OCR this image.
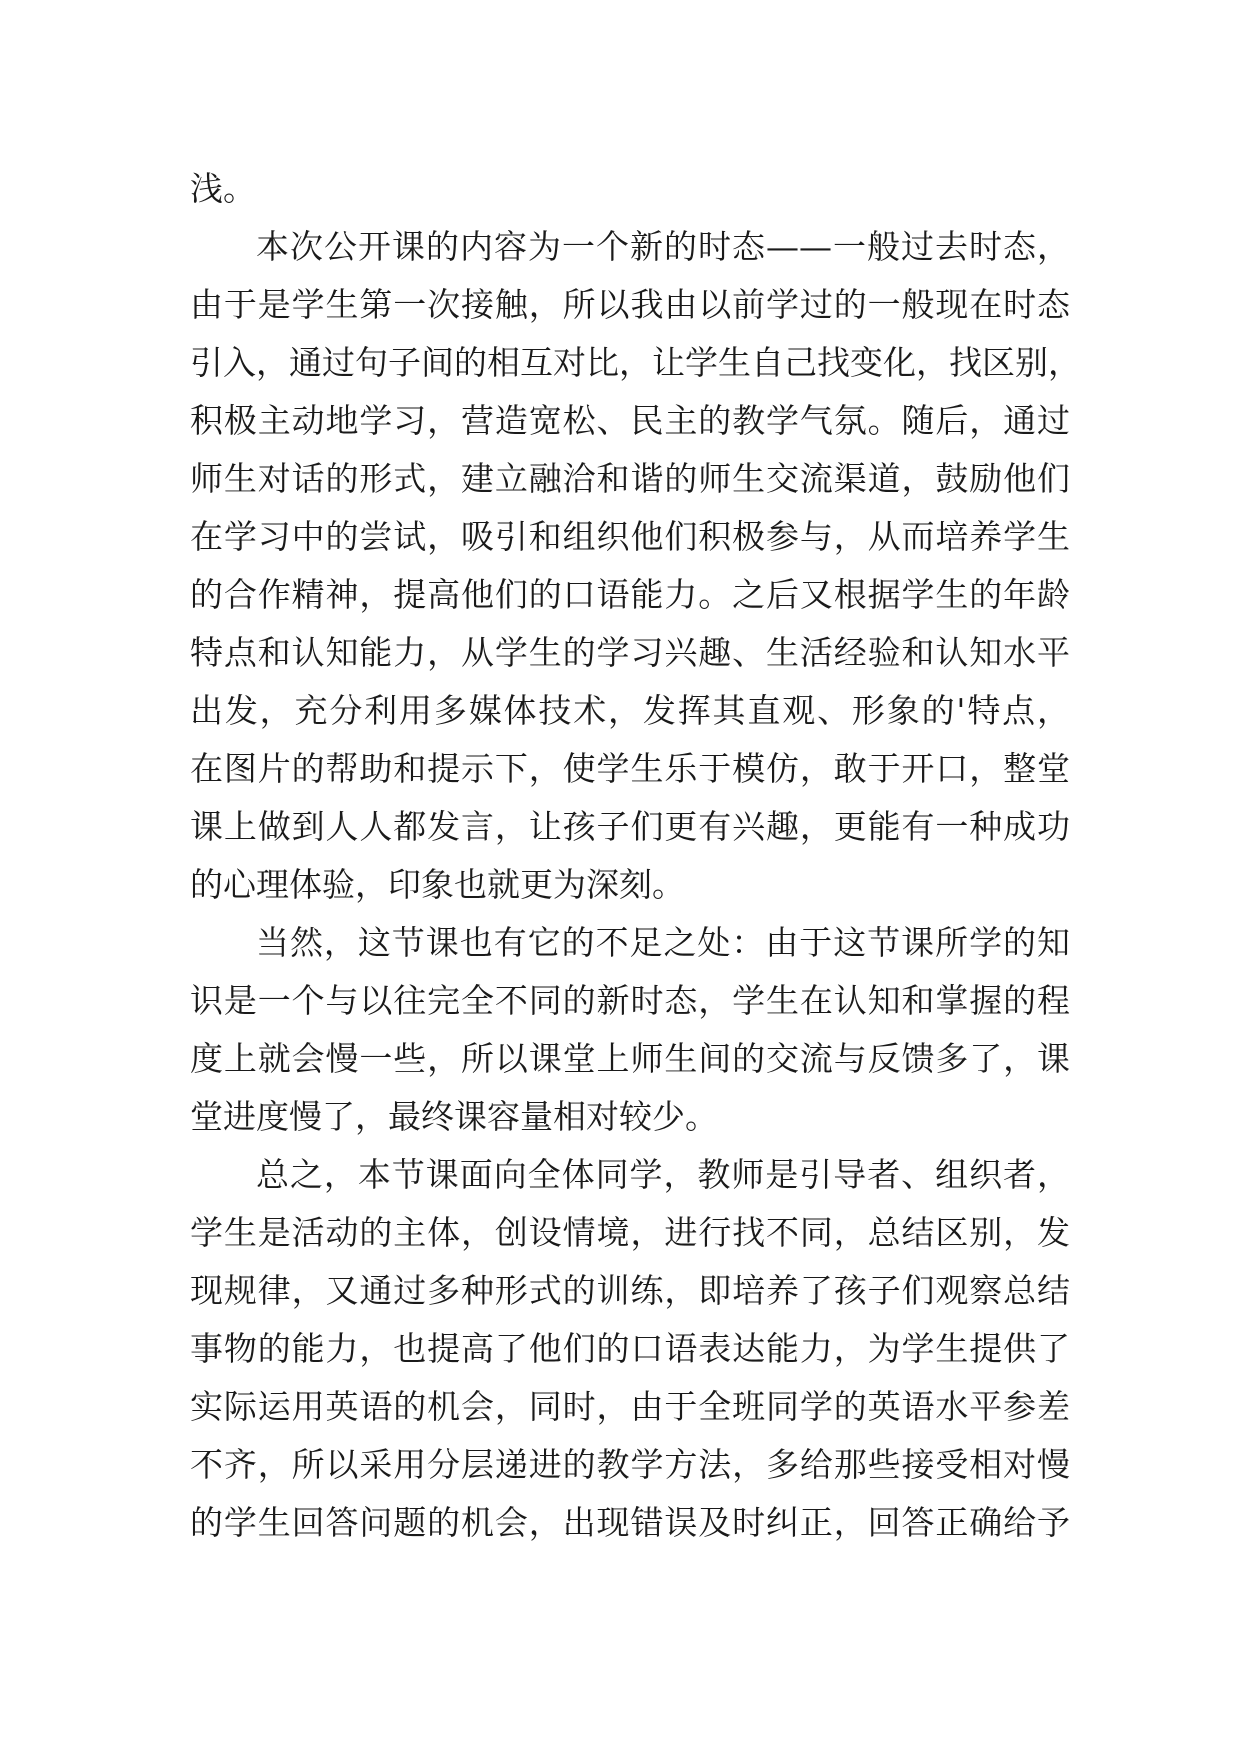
浅。
本次公开课的内容为一个新的时态——一般过去时态，
由于是学生第一次接触，所以我由以前学过的一般现在时态
引入，通过句子间的相互对比，让学生自己找变化，找区别，
积极主动地学习，营造宽松、民主的教学气氛。随后，通过
师生对话的形式，建立融洽和谐的师生交流渠道，鼓励他们
在学习中的尝试，吸引和组织他们积极参与，从而培养学生
的合作精神，提高他们的口语能力。之后又根据学生的年龄
特点和认知能力，从学生的学习兴趣、生活经验和认知水平
出发，充分利用多媒体技术，发挥其直观、形象的'特点，
在图片的帮助和提示下，使学生乐于模仿，敢于开口，整堂
课上做到人人都发言，让孩子们更有兴趣，更能有一种成功
的心理体验，印象也就更为深刻。
当然，这节课也有它的不足之处：由于这节课所学的知
识是一个与以往完全不同的新时态，学生在认知和掌握的程
度上就会慢一些，所以课堂上师生间的交流与反馈多了，课
堂进度慢了，最终课容量相对较少。
总之，本节课面向全体同学，教师是引导者、组织者，
学生是活动的主体，创设情境，进行找不同，总结区别，发
现规律，又通过多种形式的训练，即培养了孩子们观察总结
事物的能力，也提高了他们的口语表达能力，为学生提供了
实际运用英语的机会，同时，由于全班同学的英语水平参差
不齐，所以采用分层递进的教学方法，多给那些接受相对慢
的学生回答问题的机会，出现错误及时纠正，回答正确给予
